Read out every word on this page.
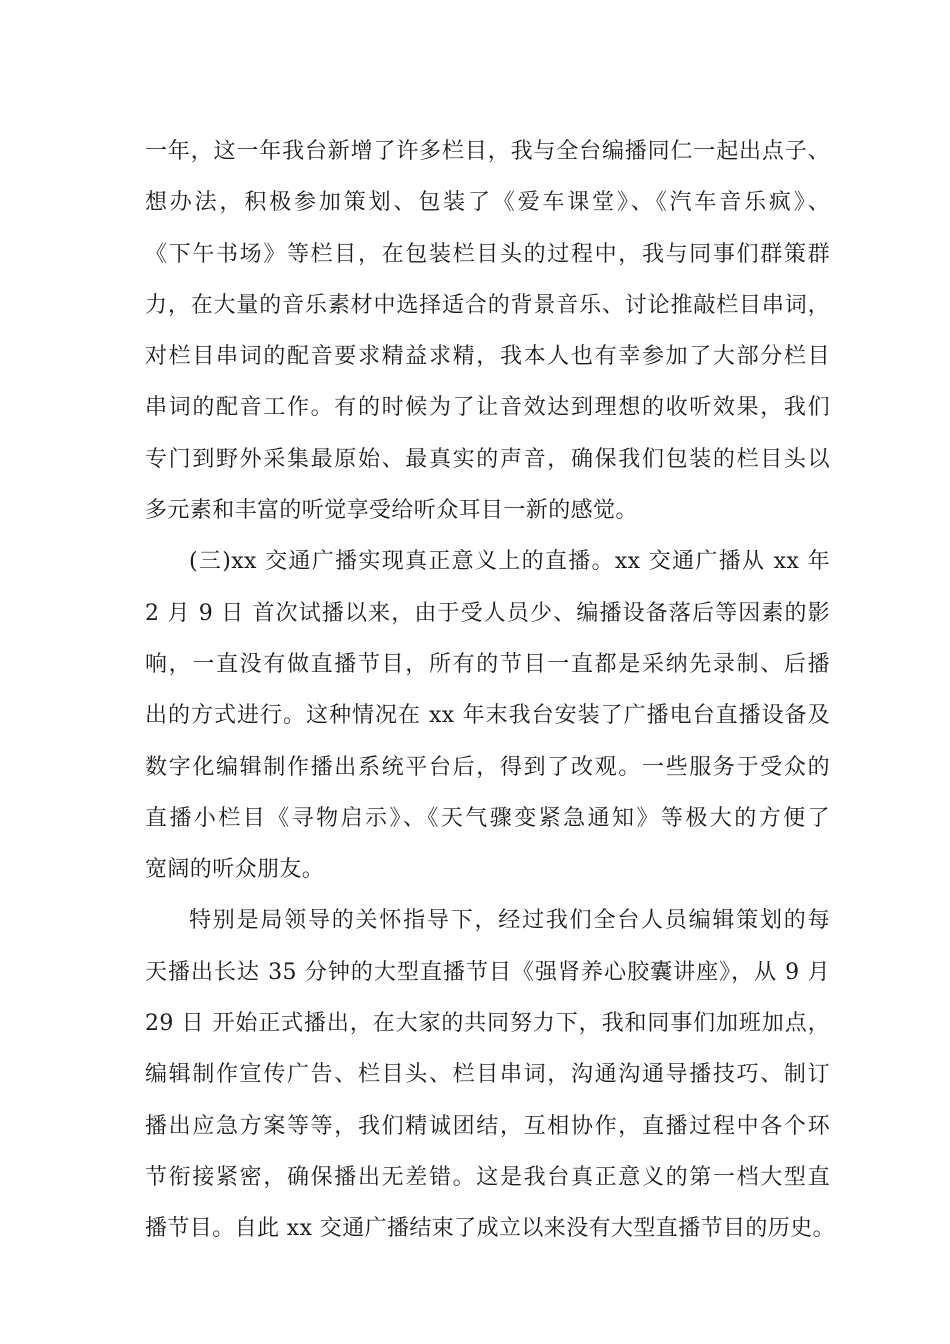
一年，这一年我台新增了许多栏目，我与全台编播同仁一起出点子、
想办法，积极参加策划、包装了《爱车课堂》、《汽车音乐疯》、
《下午书场》等栏目，在包装栏目头的过程中，我与同事们群策群
力，在大量的音乐素材中选择适合的背景音乐、讨论推敲栏目串词，
对栏目串词的配音要求精益求精，我本人也有幸参加了大部分栏目
串词的配音工作。有的时候为了让音效达到理想的收听效果，我们
专门到野外采集最原始、最真实的声音，确保我们包装的栏目头以
多元素和丰富的听觉享受给听众耳目一新的感觉。
(三)xx 交通广播实现真正意义上的直播。xx 交通广播从 xx 年
2 月 9 日 首次试播以来，由于受人员少、编播设备落后等因素的影
响，一直没有做直播节目，所有的节目一直都是采纳先录制、后播
出的方式进行。这种情况在 xx 年末我台安装了广播电台直播设备及
数字化编辑制作播出系统平台后，得到了改观。一些服务于受众的
直播小栏目《寻物启示》、《天气骤变紧急通知》等极大的方便了
宽阔的听众朋友。
特别是局领导的关怀指导下，经过我们全台人员编辑策划的每
天播出长达 35 分钟的大型直播节目《强肾养心胶囊讲座》，从 9 月
29 日 开始正式播出，在大家的共同努力下，我和同事们加班加点，
编辑制作宣传广告、栏目头、栏目串词，沟通沟通导播技巧、制订
播出应急方案等等，我们精诚团结，互相协作，直播过程中各个环
节衔接紧密，确保播出无差错。这是我台真正意义的第一档大型直
播节目。自此 xx 交通广播结束了成立以来没有大型直播节目的历史。
